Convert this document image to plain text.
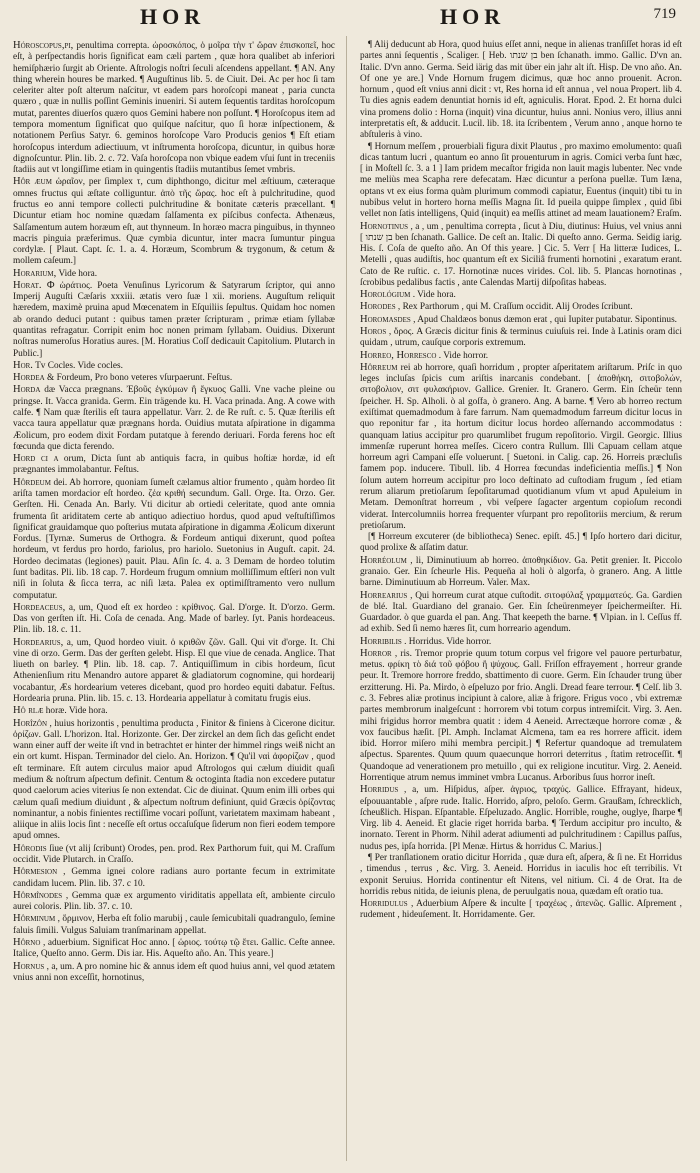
HOR	HOR	719

Hóroſcopus,pi, penultima correpta. ὡροσκόπος, ὁ μοῖρα τὴν τ' ὥραν ἐπισκοπεῖ, hoc eſt, à perſpectandis horis ſignificat eam cæli partem , quæ hora qualibet ab inferiori hemiſphærio ſurgit ab Oriente. Aſtrologis noſtri ſeculi aſcendens appellant. ¶ AN. Any thing wherein houres be marked. ¶ Auguſtinus lib. 5. de Ciuit. Dei. Ac per hoc ſi tam celeriter alter poſt alterum naſcitur, vt eadem pars horoſcopi maneat , paria cuncta quæro , quæ in nullis poſſint Geminis inueniri. Si autem ſequentis tarditas horoſcopum mutat, parentes diuerſos quæro quos Gemini habere non poſſunt. ¶ Horoſcopus item ad tempora momentum ſignificat quo quiſque naſcitur, quo ſi horæ inſpectionem, & notationem Perſius Satyr. 6. geminos horoſcope Varo Producis genios ¶ Eſt etiam horoſcopus interdum adiectiuum, vt inſtrumenta horoſcopa, dicuntur, in quibus horæ dignoſcuntur. Plin. lib. 2. c. 72. Vaſa horoſcopa non vbique eadem vſui ſunt in treceniis ſtadiis aut vt longiſſime etiam in quingentis ſtadiis mutantibus ſemet vmbris.

Hôr æum ὡραῖον, per ſimplex τ, cum diphthongo, dicitur mel æſtiuum, cæteraque omnes fructus qui æſtate colliguntur. ἀπὸ τῆς ὥρας. hoc eſt à pulchritudine, quod fructus eo anni tempore collecti pulchritudine & bonitate cæteris præcellant. ¶ Dicuntur etiam hoc nomine quædam ſalſamenta ex piſcibus confecta. Athenæus, Salſamentum autem horæum eſt, aut thynneum. In horæo macra pinguibus, in thynneo macris pinguia præferimus. Quæ cymbia dicuntur, inter macra ſumuntur pingua cordylæ. [ Plaut. Capt. ſc. 1. a. 4. Horæum, Scombrum & trygonum, & cetum & mollem caſeum.]

Horarium, Vide hora.

Horat. Φ ὡράτιος. Poeta Venuſinus Lyricorum & Satyrarum ſcriptor, qui anno Imperij Auguſti Cæſaris xxxiii. ætatis vero ſuæ l xii. moriens. Auguſtum reliquit hæredem, maximè pruina apud Mœcenatem in Eſquiliis ſepultus. Quidam hoc nomen ab orando deduci putant : quibus tamen præter ſcripturam , primæ etiam ſyllabæ quantitas refragatur. Corripit enim hoc nonen primam ſyllabam. Ouidius. Dixerunt noſtras numeroſus Horatius aures. [M. Horatius Coſſ dedicauit Capitolium. Plutarch in Public.]

Hor. Tv Cocles. Vide cocles.

Hordea & Fordeum, Pro bono veteres vſurpaerunt. Feſtus.

Horda dæ Vacca prægnans. Ἐβοῦς ἐγκύμων ἢ ἔγκυος Galli. Vne vache pleine ou pringse. It. Vacca granida. Germ. Ein trägende ku. H. Vaca prinada. Ang. A cowe with calfe. ¶ Nam quæ ſterilis eſt taura appellatur. Varr. 2. de Re ruſt. c. 5. Quæ ſterilis eſt vacca taura appellatur quæ prægnans horda. Ouidius mutata aſpiratione in digamma Æolicum, pro eodem dixit Fordam putatque à ferendo deriuari. Forda ferens hoc eſt fœcunda que dicta ferendo.

Hord ci a orum, Dicta ſunt ab antiquis facra, in quibus hoſtiæ hordæ, id eſt prægnantes immolabantur. Feſtus.

Hôrdeum dei. Ab horrore, quoniam ſumeſt cælamus altior frumento , quàm hordeo ſit ariſta tamen mordacior eſt hordeo. ζέα κριθή secundum. Gall. Orge. Ita. Orzo. Ger. Gerſten. Hi. Cenada An. Barly. Vti dicitur ab ortiedi celeritate, quod ante omnia frumenta ſit ariditatem certe ab antiquo adiectiuo hordus, quod apud veſtuſtiſſimos ſignificat grauidamque quo poſterius mutata aſpiratione in digamma Æolicum dixerunt Fordus. [Tyrnæ. Sumerus de Orthogra. & Fordeum antiqui dixerunt, quod poſtea hordeum, vt ferdus pro hordo, fariolus, pro hariolo. Suetonius in Auguſt. capit. 24. Hordeo decimatas (legiones) pauit. Plau. Aſin ſc. 4. a. 3 Demam de hordeo tolutim ſunt baditas. Pli. lib. 18 cap. 7. Hordeum frugum omnium molliſſimum eſtſeri non vult niſi in ſoluta & ſicca terra, ac niſi læta. Palea ex optimiſſtramento vero nullum computatur.

Hordeaceus, a, um, Quod eſt ex hordeo : κρίθινος. Gal. D'orge. It. D'orzo. Germ. Das von gerſten iſt. Hi. Coſa de cenada. Ang. Made of barley. ſyt. Panis hordeaceus. Plin. lib. 18. c. 11.

Hordearius, a, um, Quod hordeo viuit. ὁ κριθῶν ζῶν. Gall. Qui vit d'orge. It. Chi vine di orzo. Germ. Das der gerſten gelebt. Hisp. El que viue de cenada. Anglice. That liueth on barley. ¶ Plin. lib. 18. cap. 7. Antiquiſſimum in cibis hordeum, ſicut Athenienſium ritu Menandro autore apparet & gladiatorum cognomine, qui hordearij vocabantur, Æs hordearium veteres dicebant, quod pro hordeo equiti dabatur. Feſtus. Hordearia pruna. Plin. lib. 15. c. 13. Hordearia appellatur à comitatu frugis eius.

Hô rlæ horæ. Vide hora.

Horîzôn , huius horizontis , penultima producta , Finitor & finiens à Cicerone dicitur. ὁρίζων. Gall. L'horizon. Ital. Horizonte. Ger. Der zirckel an dem ſich das geſicht endet wann einer auff der weite iſt vnd in betrachtet er hinter der himmel rings weiß nicht an ein ort kumt. Hispan. Terminador del cielo. An. Horizon. ¶ Qu'il ναὶ ἀφορίζων , quod eſt terminare. Eſt autem circulus maior apud Aſtrologos qui cælum diuidit quaſi medium & noſtrum aſpectum definit. Centum & octoginta ſtadia non excedere putatur quod caelorum acies viterius ſe non extendat. Cic de diuinat. Quum enim illi orbes qui cælum quaſi medium diuidunt , & aſpectum noſtrum definiunt, quid Græcis ὁρίζοντας nominantur, a nobis finientes rectiſſime vocari poſſunt, varietatem maximam habeant , aliique in aliis locis ſint : neceſſe eſt ortus occaſuſque ſiderum non fieri eodem tempore apud omnes.

Hôrodis ſiue (vt alij ſcribunt) Orodes, pen. prod. Rex Parthorum fuit, qui M. Craſſum occidit. Vide Plutarch. in Craſſo.

Hôrmeſion , Gemma ignei colore radians auro portante fecum in extrimitate candidam lucem. Plin. lib. 37. c 10.

Hôrmînodes , Gemma quæ ex argumento viriditatis appellata eſt, ambiente circulo aurei coloris. Plin. lib. 37. c. 10.

Hôrminum , ὅρμινον, Herba eſt folio marubij , caule ſemicubitali quadrangulo, ſemine faluis ſimili. Vulgus Saluiam tranſmarinam appellat.

Hôrno , aduerbium. Significat Hoc anno. [ ὡριος. τούτῳ τῷ ἔτει. Gallic. Ceſte annee. Italice, Queſto anno. Germ. Dis iar. His. Aqueſto año. An. This yeare.]

Hornus , a, um. A pro nomine hic & annus idem eſt quod huius anni, vel quod ætatem vnius anni non exceſſit, hornotinus,

¶ Alij deducunt ab Hora, quod huius eſſet anni, neque in alienas tranſiſſet horas id eſt partes anni ſequentis , Scaliger. [ Heb. בן שנתו ben ſchanath. immo. Gallic. D'vn an. Italic. D'vn anno. Germa. Seid iärig das mit über ein jahr alt iſt. Hisp. De vno año. An. Of one ye are.] Vnde Hornum frugem dicimus, quæ hoc anno prouenit. Acron. hornum , quod eſt vnius anni dicit : vt, Res horna id eſt annua , vel noua Propert. lib 4. Tu dies agnis eadem denuntiat hornis id eſt, agniculis. Horat. Epod. 2. Et horna dulci vina promens dolio : Horna (inquit) vina dicuntur, huius anni. Nonius vero, illius anni interpretatis eſt, & adducit. Lucil. lib. 18. ita ſcribentem , Verum anno , anque horno te abſtuleris à vino.

¶ Hornum meſſem , prouerbiali figura dixit Plautus , pro maximo emolumento: quaſi dicas tantum lucri , quantum eo anno ſit prouenturum in agris. Comici verba ſunt hæc, [ in Moſtell ſc. 3. a 1 ] Iam pridem mecaſtor frigida non lauit magis lubenter. Nec vnde me meliùs mea Scapha rere defecatam. Hæc dicuntur a perſona puellæ. Tum Iæna, optans vt ex eius forma quàm plurimum commodi capiatur, Euentus (inquit) tibi tu in nubibus velut in hortero horna meſſis Magna ſit. Id pueila quippe ſimplex , quid ſibi vellet non ſatis intelligens, Quid (inquit) ea meſſis attinet ad meam lauationem? Eraſm.

Hornotinus , a , um , penultima correpta , ſicut à Diu, diutinus: Huius, vel vnius anni [ בן שנתו ben ſchanath. Gallice. De ceſt an. Italic. Di queſto anno. Germa. Seidig iarig. His. ſ. Coſa de queſto año. An Of this yeare. ] Cic. 5. Verr [ Ha litteræ Iudices, L. Metelli , quas audiſtis, hoc quantum eſt ex Siciliâ frumenti hornotini , exaratum erant. Cato de Re ruſtic. c. 17. Hornotinæ nuces virides. Col. lib. 5. Plancas hornotinas , ſcrobibus pedalibus factis , ante Calendas Martij diſpoſitas habeas.

Horológium . Vide hora.

Horodes , Rex Parthorum , qui M. Craſſum occidit. Alij Orodes ſcribunt.

Horomasdes , Apud Chaldæos bonus dæmon erat , qui Iupiter putabatur. Sipontinus.

Horos , ὅρος. A Græcis dicitur finis & terminus cuiuſuis rei. Inde à Latinis oram dici quidam , utrum, cauſque corporis extremum.

Horreo, Horreſco . Vide horror.

Hôrreum rei ab horrore, quaſi horridum , propter aſperitatem ariſtarum. Priſc in quo leges incluſas ſpicis cum ariſtis inarcanis condebant. [ ἀποθήκη, σιτοβολών, σιτοβολιον, σιτ φυλακήριον. Gallice. Grenier. It. Granero. Germ. Ein ſcheür tenn ſpeicher. H. Sp. Alholi. ò al goſfa, ò granero. Ang. A barne. ¶ Vero ab horreo rectum exiſtimat quemadmodum à fare farrum. Nam quemadmodum farreum dicitur locus in quo reponitur far , ita hortum dicitur locus hordeo aſſernando accommodatus : quanquam latius accipitur pro quarumlibet frugum repoſitorio. Virgil. Georgic. Illius immenſæ ruperunt horrea meſſes. Cicero contra Rullum. Illi Capuam cellam atque horreum agri Campani eſſe voluerunt. [ Suetoni. in Calig. cap. 26. Horreis præcluſis famem pop. inducere. Tibull. lib. 4 Horrea fœcundas indeficientia meſſis.] ¶ Non ſolum autem horreum accipitur pro loco deſtinato ad cuſtodiam frugum , ſed etiam rerum aliarum pretioſarum ſepoſitarumad quotidianum vſum vt apud Apuleium in Metam. Demonſtrat horreum , vbi veſpere ſagacter argentum copioſum recondi viderat. Intercolumniis horrea frequenter vſurpant pro repoſitoriis mercium, & rerum pretioſarum.

[¶ Horreum excuterer (de bibliotheca) Senec. epiſt. 45.] ¶ Ipſo hortero dari dicitur, quod prolixe & aſſatim datur.

Horréolum , li, Diminutiuum ab horreo. ἀποθηκίδιον. Ga. Petit grenier. It. Piccolo granaio. Ger. Ein ſcheurle His. Pequeña al holi ò algorfa, ò granero. Ang. A little barne. Diminutiuum ab Horreum. Valer. Max.

Horrearius , Qui horreum curat atque cuſtodit. σιτοφύλαξ γραμματεύς. Ga. Gardien de blé. Ital. Guardiano del granaio. Ger. Ein ſcheürenmeyer ſpeichermeiſter. Hi. Guardador. ò que guarda el pan. Ang. That keepeth the barne. ¶ Vlpian. in l. Ceſſus ff. ad exhib. Sed ſi nemo hæres ſit, cum horreario agendum.

Horribilis . Horridus. Vide horror.

Horror , ris. Tremor proprie quum totum corpus vel frigore vel pauore perturbatur, metus. φρίκη τὸ διά τοῦ φόβου ἢ ψύχους. Gall. Friſſon effrayement , horreur grande peur. It. Tremore horrore freddo, sbattimento di cuore. Germ. Ein ſchauder trung über erzitterung. Hi. Pa. Mirdo, ò eſpeluzo por frio. Angli. Dread feare terrour. ¶ Celſ. lib 3. c. 3. Febres aliæ protinus incipiunt à calore, aliæ à frigore. Frigus voco , vbi extremæ partes membrorum inalgeſcunt : horrorem vbi totum corpus intremiſcit. Virg. 3. Aen. mihi frigidus horror membra quatit : idem 4 Aeneid. Arrectæque horrore comæ , & vox faucibus hæſit. [Pl. Amph. Inclamat Alcmena, tam ea res horrere afficit. idem ibid. Horror miſero mihi membra percipit.] ¶ Refertur quandoque ad tremulatem aſpectus. Sparentes. Quum quum quaecunque horrori deterritus , ſtatim retroceſſit. ¶ Quandoque ad venerationem pro metuillo , qui ex religione incutitur. Virg. 2. Aeneid. Horrentique atrum nemus imminet vmbra Lucanus. Arboribus ſuus horror ineſt.

Horridus , a, um. Hiſpidus, aſper. ἀγριος, τραχύς. Gallice. Effrayant, hideux, eſpouuantable , aſpre rude. Italic. Horrido, aſpro, peloſo. Germ. Graußam, ſchrecklich, ſcheußlich. Hispan. Eſpantable. Eſpeluzado. Anglic. Horrible, roughe, ouglye, ſharpe ¶ Virg. lib 4. Aeneid. Et glacie riget horrida barba. ¶ Terdum accipitur pro inculto, & inornato. Terent in Phorm. Nihil aderat adiumenti ad pulchritudinem : Capillus paſſus, nudus pes, ipſa horrida. [Pl Menæ. Hirtus & horridus C. Marius.]

¶ Per tranſlationem oratio dicitur Horrida , quæ dura eſt, aſpera, & ſi ne. Et Horridus , timendus , terrus , &c. Virg. 3. Aeneid. Horridus in iaculis hoc eſt terribilis. Vt exponit Seruius. Horrida continentur eſt Nitens, vel nitium. Ci. 4 de Orat. Ita de horridis rebus nitida, de ieiunis plena, de peruulgatis noua, quædam eſt oratio tua.

Horridulus , Aduerbium Aſpere & inculte [ τραχέως , ἀπενῶς. Gallic. Aſprement , rudement , hideuſement. It. Horridamente. Ger.
